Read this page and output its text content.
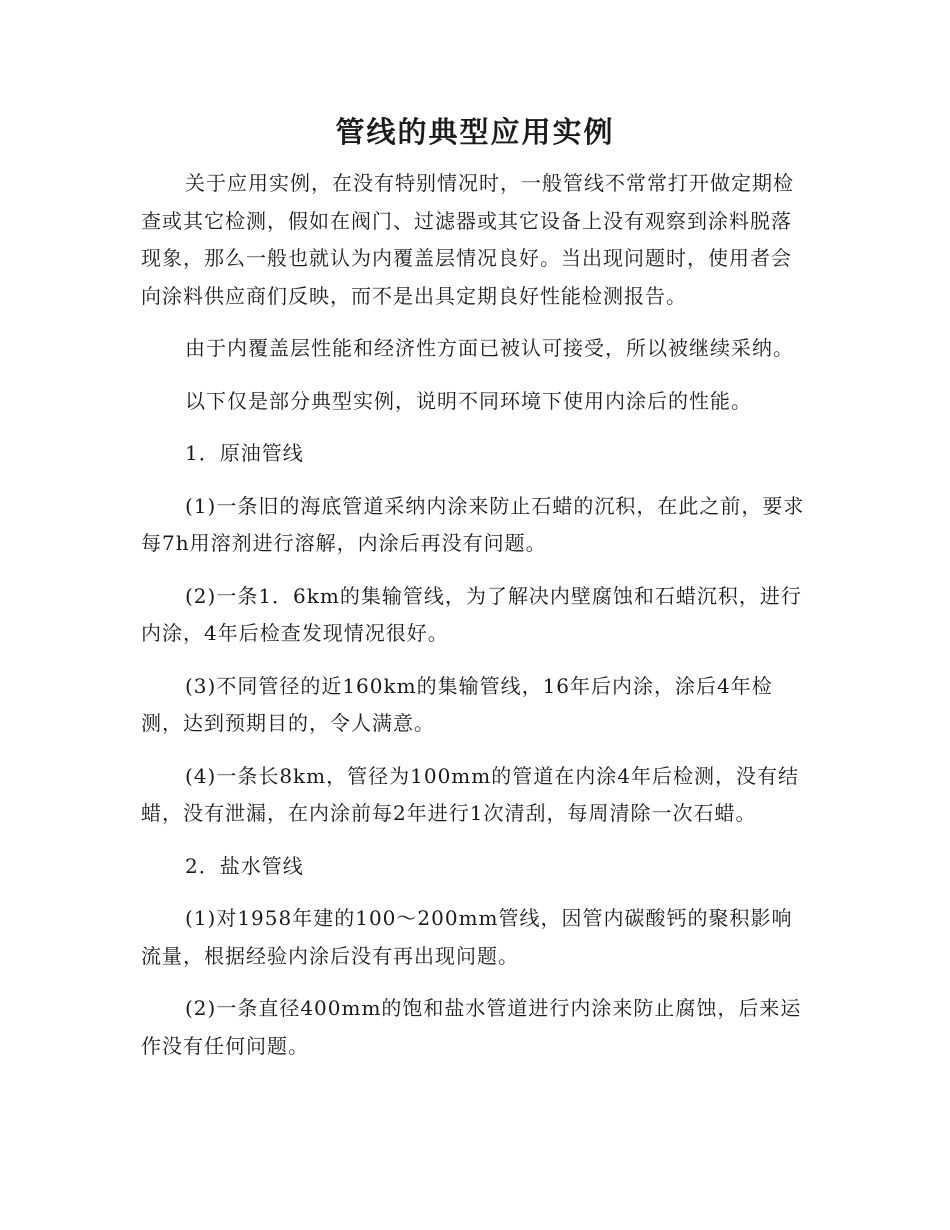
管线的典型应用实例

关于应用实例，在没有特别情况时，一般管线不常常打开做定期检查或其它检测，假如在阀门、过滤器或其它设备上没有观察到涂料脱落现象，那么一般也就认为内覆盖层情况良好。当出现问题时，使用者会向涂料供应商们反映，而不是出具定期良好性能检测报告。

由于内覆盖层性能和经济性方面已被认可接受，所以被继续采纳。

以下仅是部分典型实例，说明不同环境下使用内涂后的性能。

1．原油管线

(1)一条旧的海底管道采纳内涂来防止石蜡的沉积，在此之前，要求每7h用溶剂进行溶解，内涂后再没有问题。

(2)一条1．6km的集输管线，为了解决内壁腐蚀和石蜡沉积，进行内涂，4年后检查发现情况很好。

(3)不同管径的近160km的集输管线，16年后内涂，涂后4年检测，达到预期目的，令人满意。

(4)一条长8km，管径为100mm的管道在内涂4年后检测，没有结蜡，没有泄漏，在内涂前每2年进行1次清刮，每周清除一次石蜡。

2．盐水管线

(1)对1958年建的100～200mm管线，因管内碳酸钙的聚积影响流量，根据经验内涂后没有再出现问题。

(2)一条直径400mm的饱和盐水管道进行内涂来防止腐蚀，后来运作没有任何问题。
